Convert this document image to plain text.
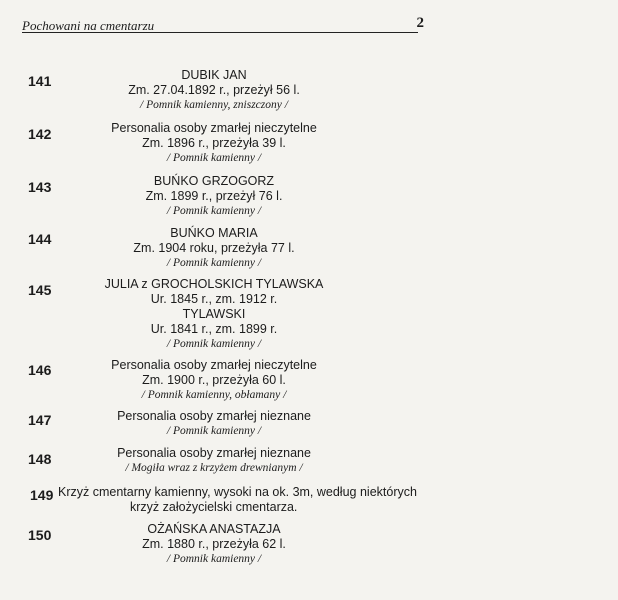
Pochowani na cmentarzu	2
141	DUBIK JAN
Zm. 27.04.1892 r., przeżył 56 l.
/ Pomnik kamienny, zniszczony /
142	Personalia osoby zmarłej nieczytelne
Zm. 1896 r., przeżyła 39 l.
/ Pomnik kamienny /
143	BUŃKO GRZOGORZ
Zm. 1899 r., przeżył 76 l.
/ Pomnik kamienny /
144	BUŃKO MARIA
Zm. 1904 roku, przeżyła 77 l.
/ Pomnik kamienny /
145	JULIA z GROCHOLSKICH TYLAWSKA
Ur. 1845 r., zm. 1912 r.
TYLAWSKI
Ur. 1841 r., zm. 1899 r.
/ Pomnik kamienny /
146	Personalia osoby zmarłej nieczytelne
Zm. 1900 r., przeżyła 60 l.
/ Pomnik kamienny, obłamany /
147	Personalia osoby zmarłej nieznane
/ Pomnik kamienny /
148	Personalia osoby zmarłej nieznane
/ Mogiła wraz z krzyżem drewnianym /
149 Krzyż cmentarny kamienny, wysoki na ok. 3m, według niektórych
krzyż założycielski cmentarza.
150	OŻAŃSKA ANASTAZJA
Zm. 1880 r., przeżyła 62 l.
/ Pomnik kamienny /
